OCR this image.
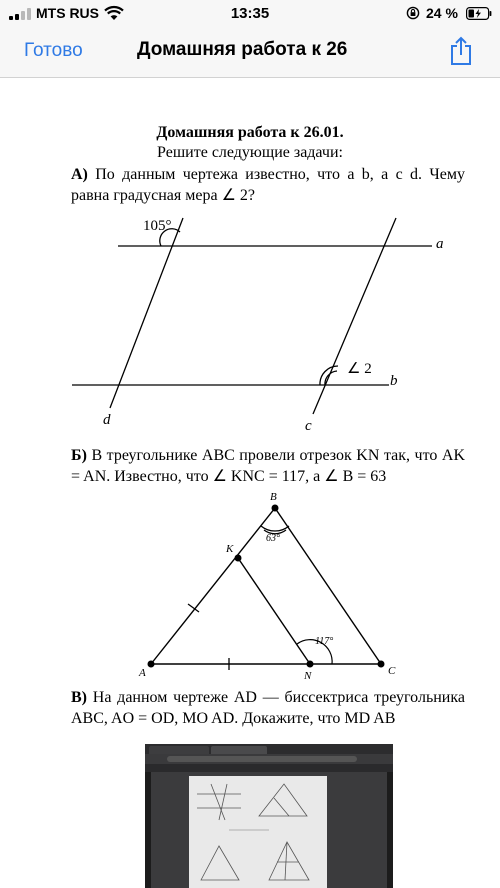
MTS RUS	13:35	24 %
Готово	Домашняя работа к 26
Домашняя работа к 26.01.
Решите следующие задачи:
А) По данным чертежа известно, что a b, а c d. Чему равна градусная мера ∠ 2?
105°
∠ 2
a
b
c
d
Б) В треугольнике ABC провели отрезок KN так, что AK = AN. Известно, что ∠ KNC = 117, а ∠ B = 63
B
K
A	N	C
63°
117°
В) На данном чертеже AD — биссектриса треугольника ABC, AO = OD, MO AD. Докажите, что MD AB
